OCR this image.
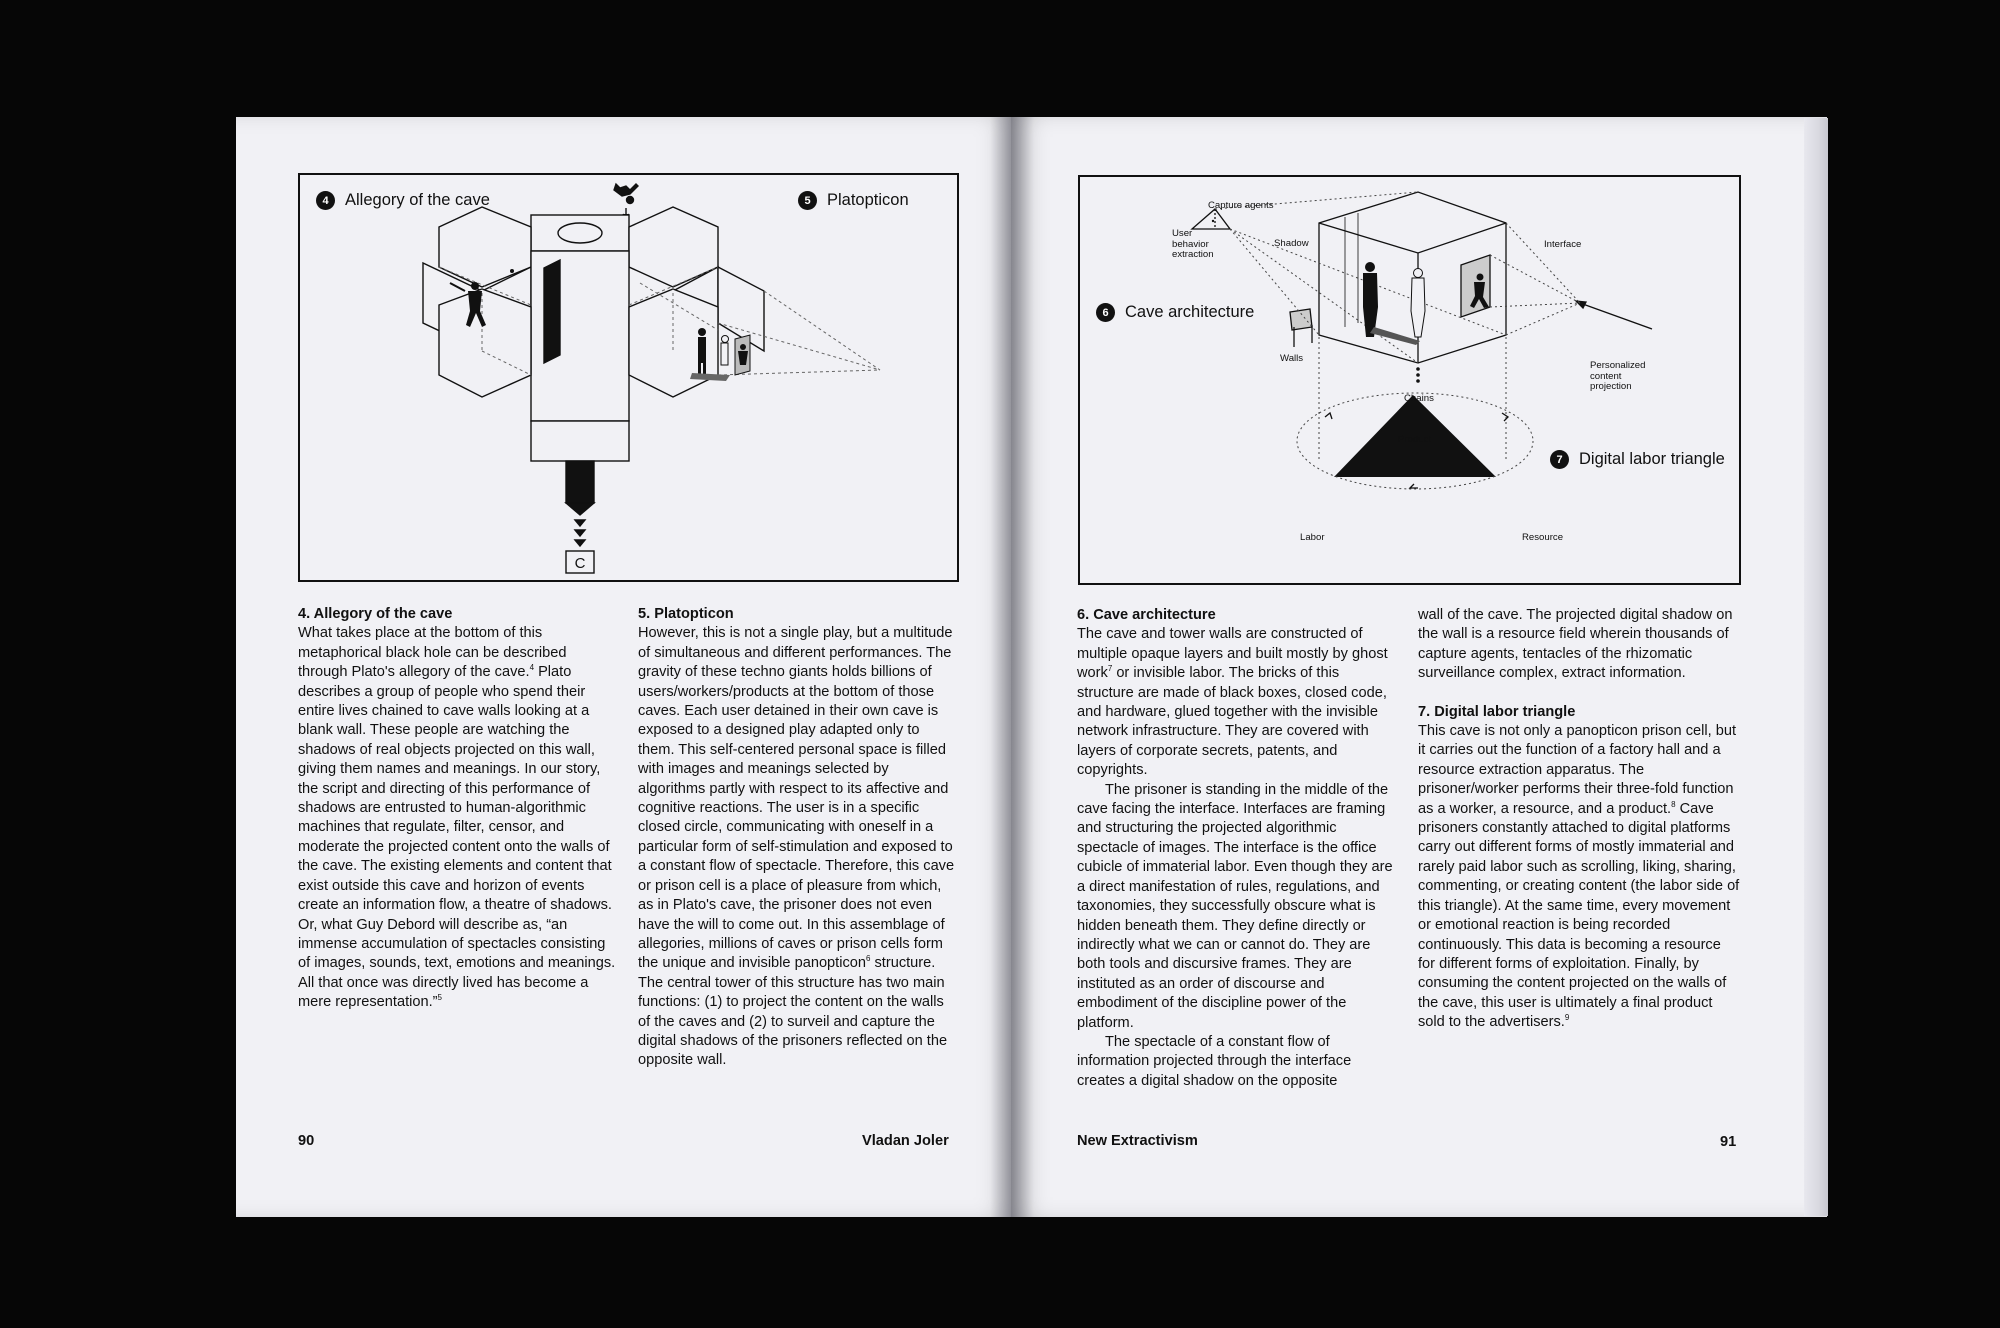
C
4 Allegory of the cave	5 Platopticon
4. Allegory of the cave

What takes place at the bottom of this metaphorical black hole can be described through Plato's allegory of the cave.$^4$ Plato describes a group of people who spend their entire lives chained to cave walls looking at a blank wall. These people are watching the shadows of real objects projected on this wall, giving them names and meanings. In our story, the script and directing of this performance of shadows are entrusted to human-algorithmic machines that regulate, filter, censor, and moderate the projected content onto the walls of the cave. The existing elements and content that exist outside this cave and horizon of events create an information flow, a theatre of shadows. Or, what Guy Debord will describe as, “an immense accumulation of spectacles consisting of images, sounds, text, emotions and meanings. All that once was directly lived has become a mere representation.”$^5$

5. Platopticon

However, this is not a single play, but a multitude of simultaneous and different performances. The gravity of these techno giants holds billions of users/workers/products at the bottom of those caves. Each user detained in their own cave is exposed to a designed play adapted only to them. This self-centered personal space is filled with images and meanings selected by algorithms partly with respect to its affective and cognitive reactions. The user is in a specific closed circle, communicating with oneself in a particular form of self-stimulation and exposed to a constant flow of spectacle. Therefore, this cave or prison cell is a place of pleasure from which, as in Plato's cave, the prisoner does not even have the will to come out. In this assemblage of allegories, millions of caves or prison cells form the unique and invisible panopticon$^6$ structure. The central tower of this structure has two main functions: (1) to project the content on the walls of the caves and (2) to surveil and capture the digital shadows of the prisoners reflected on the opposite wall.

90	Vladan Joler
Capture agents
User
behavior
extraction
Shadow	Interface
Walls
Chains
Personalized
content
projection
Product
Labor	Resource
6 Cave architecture
7 Digital labor triangle
6. Cave architecture

The cave and tower walls are constructed of multiple opaque layers and built mostly by ghost work$^7$ or invisible labor. The bricks of this structure are made of black boxes, closed code, and hardware, glued together with the invisible network infrastructure. They are covered with layers of corporate secrets, patents, and copyrights.

The prisoner is standing in the middle of the cave facing the interface. Interfaces are framing and structuring the projected algorithmic spectacle of images. The interface is the office cubicle of immaterial labor. Even though they are a direct manifestation of rules, regulations, and taxonomies, they successfully obscure what is hidden beneath them. They define directly or indirectly what we can or cannot do. They are both tools and discursive frames. They are instituted as an order of discourse and embodiment of the discipline power of the platform.

The spectacle of a constant flow of information projected through the interface creates a digital shadow on the opposite

wall of the cave. The projected digital shadow on the wall is a resource field wherein thousands of capture agents, tentacles of the rhizomatic surveillance complex, extract information.

7. Digital labor triangle

This cave is not only a panopticon prison cell, but it carries out the function of a factory hall and a resource extraction apparatus. The prisoner/worker performs their three-fold function as a worker, a resource, and a product.$^8$ Cave prisoners constantly attached to digital platforms carry out different forms of mostly immaterial and rarely paid labor such as scrolling, liking, sharing, commenting, or creating content (the labor side of this triangle). At the same time, every movement or emotional reaction is being recorded continuously. This data is becoming a resource for different forms of exploitation. Finally, by consuming the content projected on the walls of the cave, this user is ultimately a final product sold to the advertisers.$^9$

New Extractivism	91
